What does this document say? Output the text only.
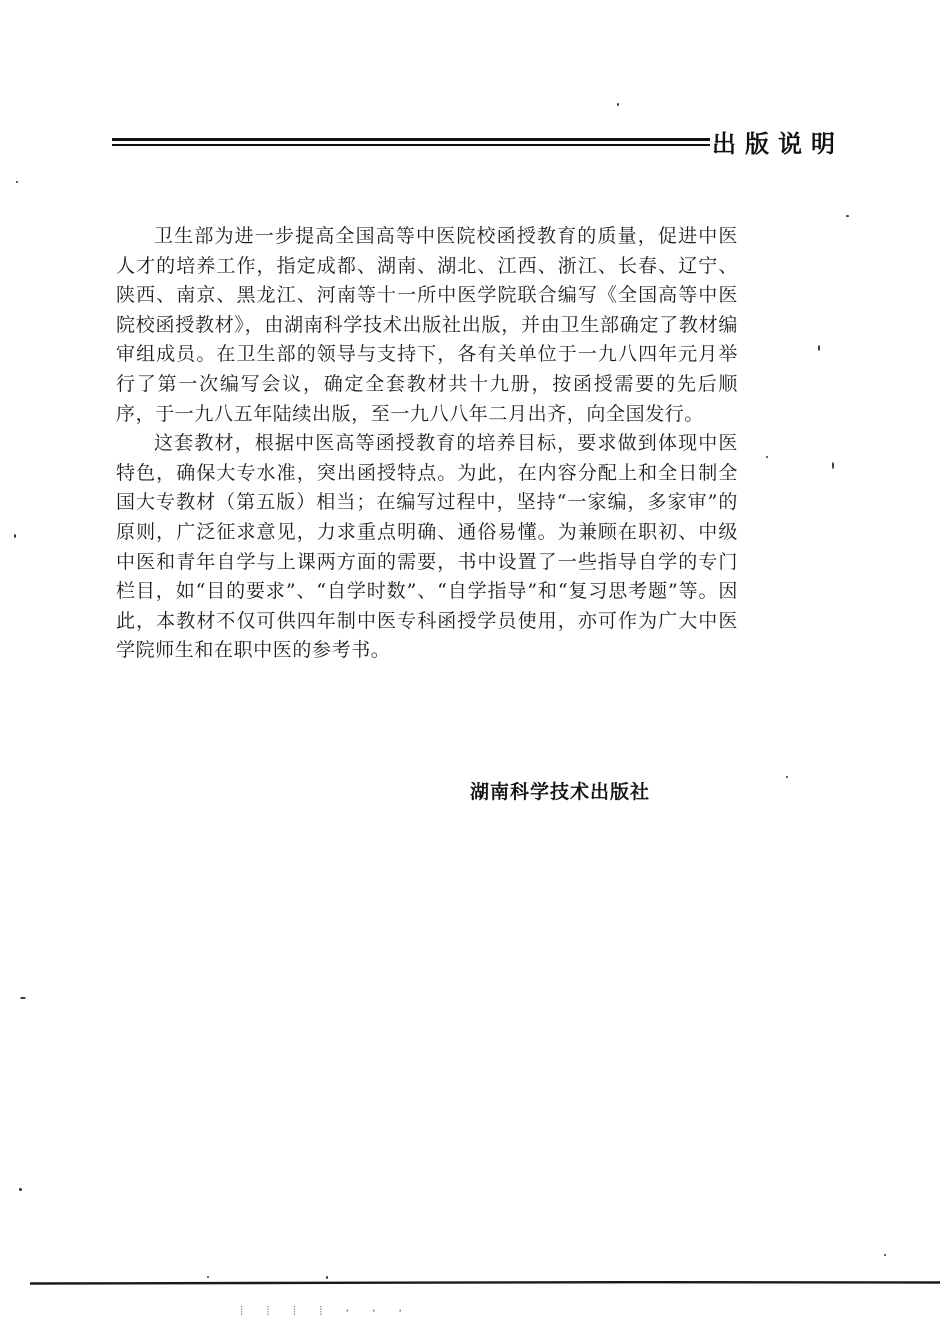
出版说明

卫生部为进一步提高全国高等中医院校函授教育的质量，促进中医人才的培养工作，指定成都、湖南、湖北、江西、浙江、长春、辽宁、陕西、南京、黑龙江、河南等十一所中医学院联合编写《全国高等中医院校函授教材》，由湖南科学技术出版社出版，并由卫生部确定了教材编审组成员。在卫生部的领导与支持下，各有关单位于一九八四年元月举行了第一次编写会议，确定全套教材共十九册，按函授需要的先后顺序，于一九八五年陆续出版，至一九八八年二月出齐，向全国发行。

这套教材，根据中医高等函授教育的培养目标，要求做到体现中医特色，确保大专水准，突出函授特点。为此，在内容分配上和全日制全国大专教材（第五版）相当；在编写过程中，坚持“一家编，多家审”的原则，广泛征求意见，力求重点明确、通俗易懂。为兼顾在职初、中级中医和青年自学与上课两方面的需要，书中设置了一些指导自学的专门栏目，如“目的要求”、“自学时数”、“自学指导”和“复习思考题”等。因此，本教材不仅可供四年制中医专科函授学员使用，亦可作为广大中医学院师生和在职中医的参考书。

湖南科学技术出版社
⁞ ⁞ ⁞ ⁞ · · ·
